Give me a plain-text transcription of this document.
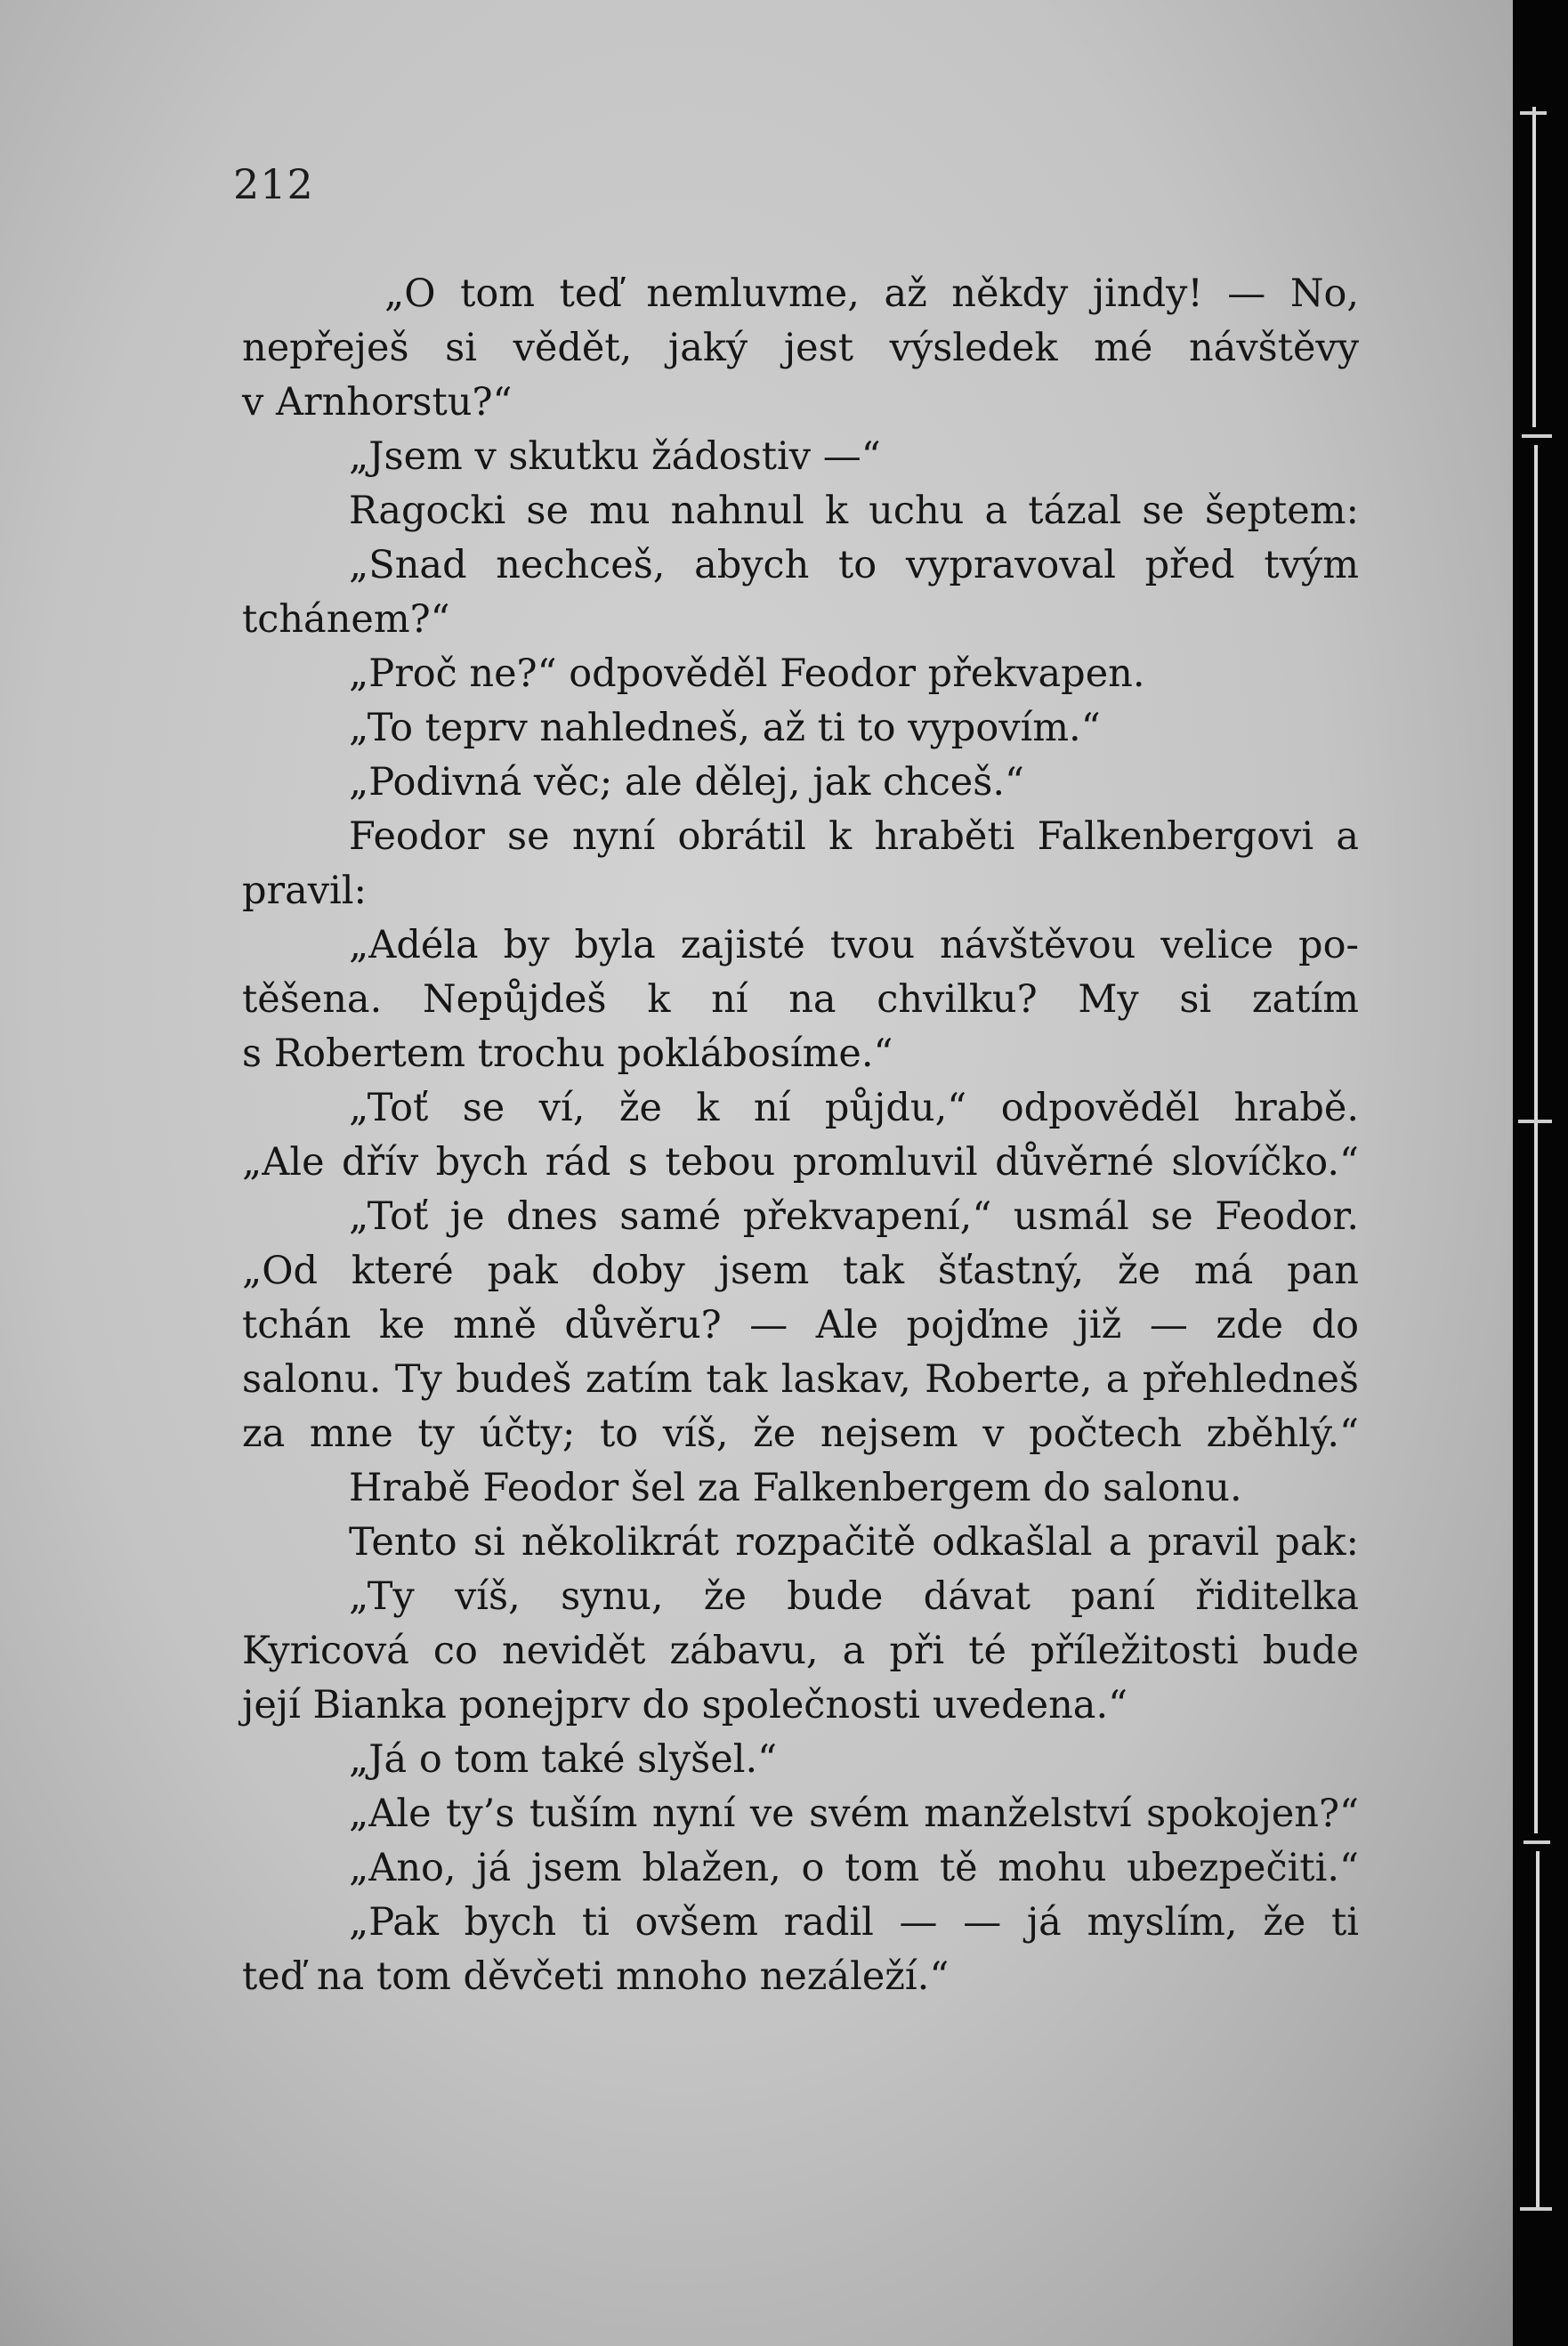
212
„O tom teď nemluvme, až někdy jindy! — No,
nepřeješ si vědět, jaký jest výsledek mé návštěvy
v Arnhorstu?“
„Jsem v skutku žádostiv —“
Ragocki se mu nahnul k uchu a tázal se šeptem:
„Snad nechceš, abych to vypravoval před tvým
tchánem?“
„Proč ne?“ odpověděl Feodor překvapen.
„To teprv nahledneš, až ti to vypovím.“
„Podivná věc; ale dělej, jak chceš.“
Feodor se nyní obrátil k hraběti Falkenbergovi a
pravil:
„Adéla by byla zajisté tvou návštěvou velice po-
těšena. Nepůjdeš k ní na chvilku? My si zatím
s Robertem trochu poklábosíme.“
„Toť se ví, že k ní půjdu,“ odpověděl hrabě.
„Ale dřív bych rád s tebou promluvil důvěrné slovíčko.“
„Toť je dnes samé překvapení,“ usmál se Feodor.
„Od které pak doby jsem tak šťastný, že má pan
tchán ke mně důvěru? — Ale pojďme již — zde do
salonu. Ty budeš zatím tak laskav, Roberte, a přehledneš
za mne ty účty; to víš, že nejsem v počtech zběhlý.“
Hrabě Feodor šel za Falkenbergem do salonu.
Tento si několikrát rozpačitě odkašlal a pravil pak:
„Ty víš, synu, že bude dávat paní řiditelka
Kyricová co nevidět zábavu, a při té příležitosti bude
její Bianka ponejprv do společnosti uvedena.“
„Já o tom také slyšel.“
„Ale ty’s tuším nyní ve svém manželství spokojen?“
„Ano, já jsem blažen, o tom tě mohu ubezpečiti.“
„Pak bych ti ovšem radil — — já myslím, že ti
teď na tom děvčeti mnoho nezáleží.“
